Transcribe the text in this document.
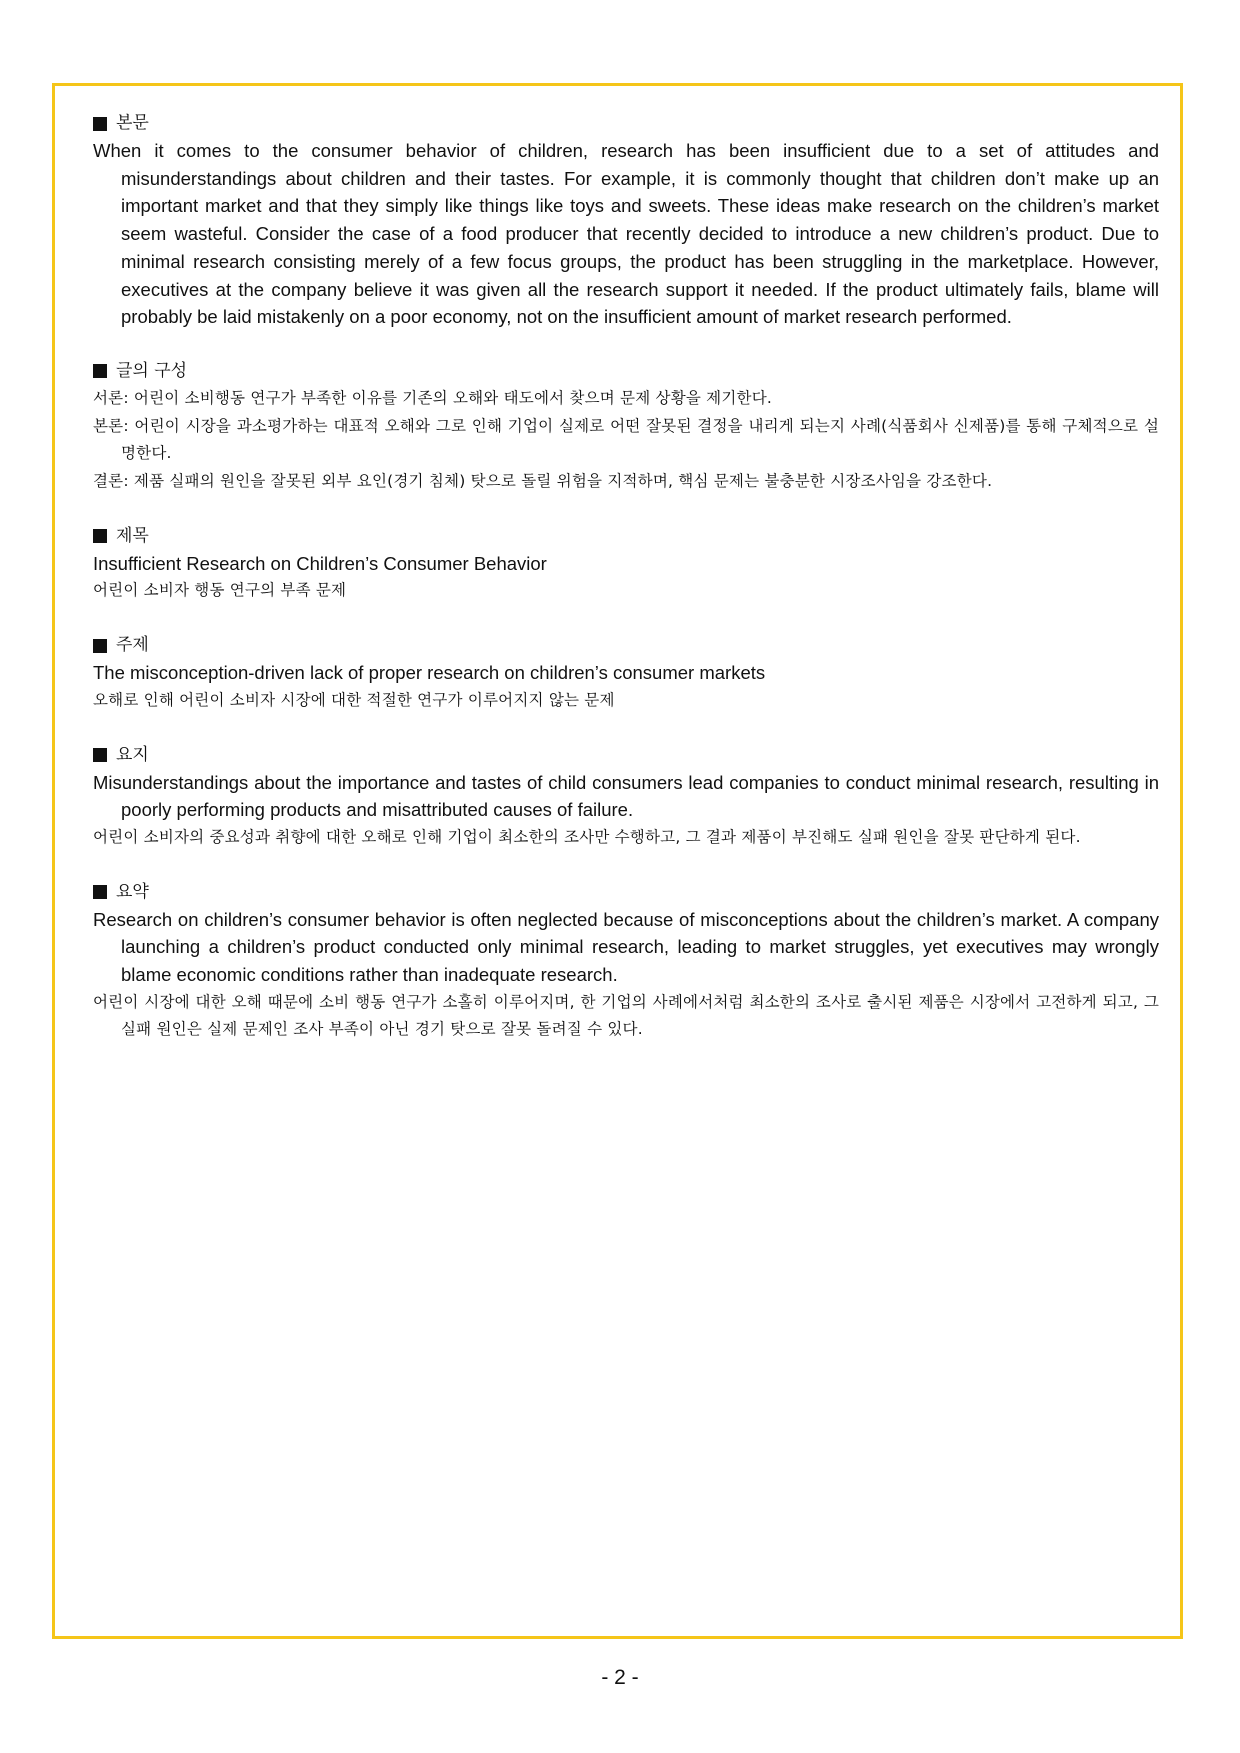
본문
When it comes to the consumer behavior of children, research has been insufficient due to a set of attitudes and misunderstandings about children and their tastes. For example, it is commonly thought that children don’t make up an important market and that they simply like things like toys and sweets. These ideas make research on the children’s market seem wasteful. Consider the case of a food producer that recently decided to introduce a new children’s product. Due to minimal research consisting merely of a few focus groups, the product has been struggling in the marketplace. However, executives at the company believe it was given all the research support it needed. If the product ultimately fails, blame will probably be laid mistakenly on a poor economy, not on the insufficient amount of market research performed.
글의 구성
서론: 어린이 소비행동 연구가 부족한 이유를 기존의 오해와 태도에서 찾으며 문제 상황을 제기한다.
본론: 어린이 시장을 과소평가하는 대표적 오해와 그로 인해 기업이 실제로 어떤 잘못된 결정을 내리게 되는지 사례(식품회사 신제품)를 통해 구체적으로 설명한다.
결론: 제품 실패의 원인을 잘못된 외부 요인(경기 침체) 탓으로 돌릴 위험을 지적하며, 핵심 문제는 불충분한 시장조사임을 강조한다.
제목
Insufficient Research on Children’s Consumer Behavior
어린이 소비자 행동 연구의 부족 문제
주제
The misconception-driven lack of proper research on children’s consumer markets
오해로 인해 어린이 소비자 시장에 대한 적절한 연구가 이루어지지 않는 문제
요지
Misunderstandings about the importance and tastes of child consumers lead companies to conduct minimal research, resulting in poorly performing products and misattributed causes of failure.
어린이 소비자의 중요성과 취향에 대한 오해로 인해 기업이 최소한의 조사만 수행하고, 그 결과 제품이 부진해도 실패 원인을 잘못 판단하게 된다.
요약
Research on children’s consumer behavior is often neglected because of misconceptions about the children’s market. A company launching a children’s product conducted only minimal research, leading to market struggles, yet executives may wrongly blame economic conditions rather than inadequate research.
어린이 시장에 대한 오해 때문에 소비 행동 연구가 소홀히 이루어지며, 한 기업의 사례에서처럼 최소한의 조사로 출시된 제품은 시장에서 고전하게 되고, 그 실패 원인은 실제 문제인 조사 부족이 아닌 경기 탓으로 잘못 돌려질 수 있다.
- 2 -
